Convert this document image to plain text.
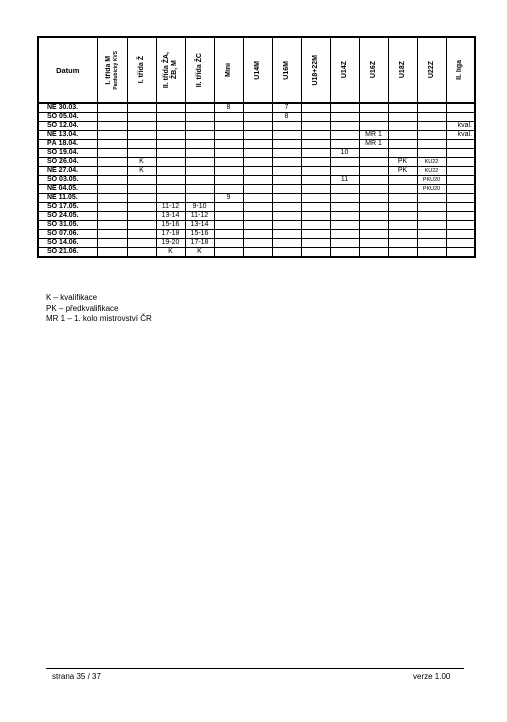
Datum	I. třída M Pardubický KVS	I. třída Ž	II. třída ŽA, ŽB, M	II. třída ŽC	Mini	U14M	U16M	U18+22M	U14Z	U16Z	U18Z	U22Z	II. liga

NE 30.03.					8		7						
SO 05.04.							8						
SO 12.04.													kval.
NE 13.04.										MR 1			kval.
PÁ 18.04.										MR 1			
SO 19.04.									10				
SO 26.04.		K									PK	KU22	
NE 27.04.		K									PK	KU22	
SO 03.05.									11			PKU20	
NE 04.05.												PKU20	
NE 11.05.					9								
SO 17.05.			11-12	9-10									
SO 24.05.			13-14	11-12									
SO 31.05.			15-16	13-14									
SO 07.06.			17-18	15-16									
SO 14.06.			19-20	17-18									
SO 21.06.			K	K									
K – kvalifikace
PK – předkvalifikace
MR 1 – 1. kolo mistrovství ČR
strana 35 / 37	verze 1.00
